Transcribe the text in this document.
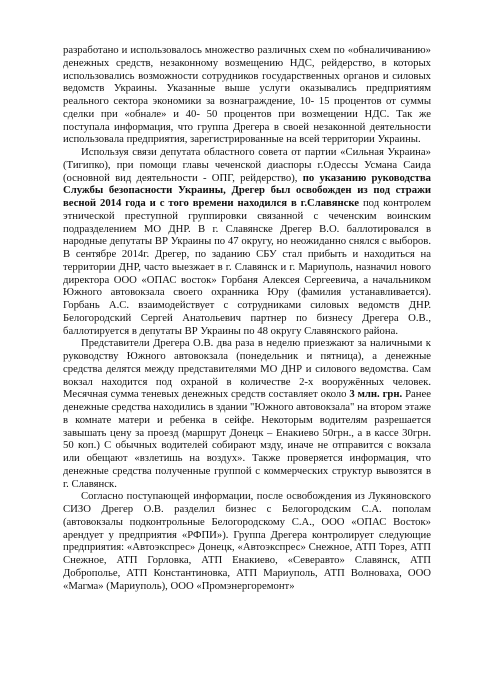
разработано и использовалось множество различных схем по «обналичиванию» денежных средств, незаконному возмещению НДС, рейдерство, в которых использовались возможности сотрудников государственных органов и силовых ведомств Украины. Указанные выше услуги оказывались предприятиям реального сектора экономики за вознаграждение, 10- 15 процентов от суммы сделки при «обнале» и 40- 50 процентов при возмещении НДС. Так же поступала информация, что группа Дрегера в своей незаконной деятельности использовала предприятия, зарегистрированные на всей территории Украины.

Используя связи депутата областного совета от партии «Сильная Украина» (Тигипко), при помощи главы чеченской диаспоры г.Одессы Усмана Саида (основной вид деятельности - ОПГ, рейдерство), по указанию руководства Службы безопасности Украины, Дрегер был освобожден из под стражи весной 2014 года и с того времени находился в г.Славянске под контролем этнической преступной группировки связанной с чеченским воинским подразделением МО ДНР. В г. Славянске Дрегер В.О. баллотировался в народные депутаты ВР Украины по 47 округу, но неожиданно снялся с выборов. В сентябре 2014г. Дрегер, по заданию СБУ стал прибыть и находиться на территории ДНР, часто выезжает в г. Славянск и г. Мариуполь, назначил нового директора ООО «ОПАС восток» Горбаня Алексея Сергеевича, а начальником Южного автовокзала своего охранника Юру (фамилия устанавливается). Горбань А.С. взаимодействует с сотрудниками силовых ведомств ДНР. Белогородский Сергей Анатольевич партнер по бизнесу Дрегера О.В., баллотируется в депутаты ВР Украины по 48 округу Славянского района.

Представители Дрегера О.В. два раза в неделю приезжают за наличными к руководству Южного автовокзала (понедельник и пятница), а денежные средства делятся между представителями МО ДНР и силового ведомства. Сам вокзал находится под охраной в количестве 2-х вооружённых человек. Месячная сумма теневых денежных средств составляет около 3 млн. грн. Ранее денежные средства находились в здании "Южного автовокзала" на втором этаже в комнате матери и ребенка в сейфе. Некоторым водителям разрешается завышать цену за проезд (маршрут Донецк – Енакиево 50грн., а в кассе 30грн. 50 коп.) С обычных водителей собирают мзду, иначе не отправится с вокзала или обещают «взлетишь на воздух». Также проверяется информация, что денежные средства полученные группой с коммерческих структур вывозятся в г. Славянск.

Согласно поступающей информации, после освобождения из Лукяновского СИЗО Дрегер О.В. разделил бизнес с Белогородским С.А. пополам (автовокзалы подконтрольные Белогородскому С.А., ООО «ОПАС Восток» арендует у предприятия «РФПИ»). Группа Дрегера контролирует следующие предприятия: «Автоэкспрес» Донецк, «Автоэкспрес» Снежное, АТП Торез, АТП Снежное, АТП Горловка, АТП Енакиево, «Северавто» Славянск, АТП Доброполье, АТП Константиновка, АТП Мариуполь, АТП Волноваха, ООО «Магма» (Мариуполь), ООО «Промэнергоремонт»
